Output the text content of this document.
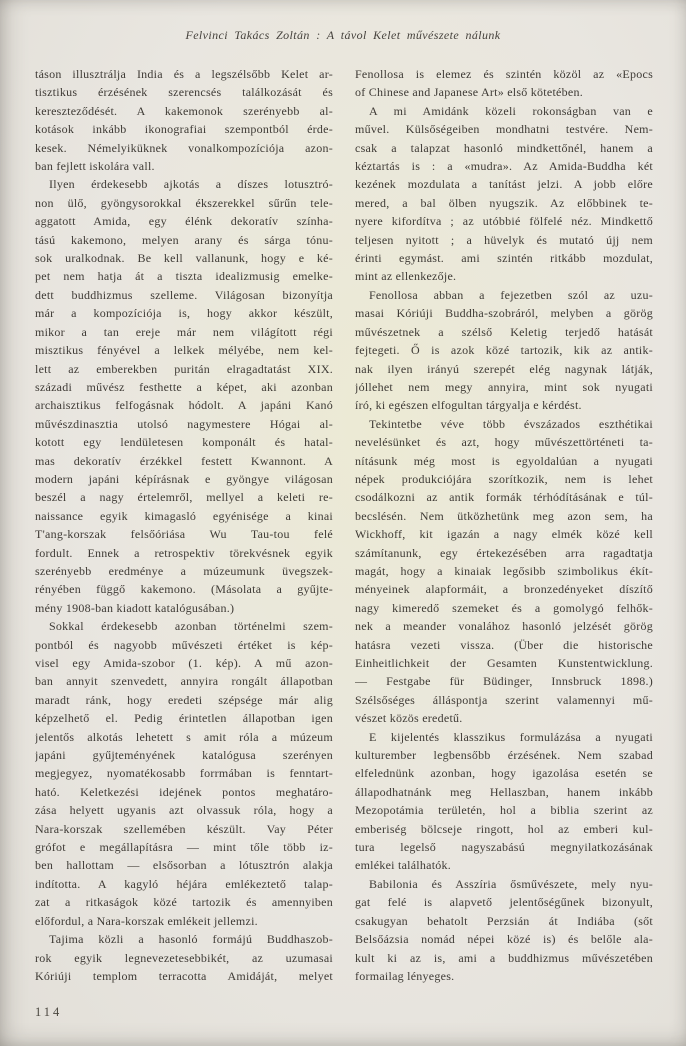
Felvinci Takács Zoltán : A távol Kelet művészete nálunk
táson illusztrálja India és a legszélsőbb Kelet ar-
tisztikus érzésének szerencsés találkozását és
kereszteződését. A kakemonok szerényebb al-
kotások inkább ikonografiai szempontból érde-
kesek. Némelyiküknek vonalkompozíciója azon-
ban fejlett iskolára vall.
Ilyen érdekesebb ajkotás a díszes lotusztró-
non ülő, gyöngysorokkal ékszerekkel sűrűn tele-
aggatott Amida, egy élénk dekoratív színha-
tású kakemono, melyen arany és sárga tónu-
sok uralkodnak. Be kell vallanunk, hogy e ké-
pet nem hatja át a tiszta idealizmusig emelke-
dett buddhizmus szelleme. Világosan bizonyítja
már a kompozíciója is, hogy akkor készült,
mikor a tan ereje már nem világított régi
misztikus fényével a lelkek mélyébe, nem kel-
lett az emberekben puritán elragadtatást XIX.
századi művész festhette a képet, aki azonban
archaisztikus felfogásnak hódolt. A japáni Kanó
művészdinasztia utolsó nagymestere Hógai al-
kotott egy lendületesen komponált és hatal-
mas dekoratív érzékkel festett Kwannont. A
modern japáni képírásnak e gyöngye világosan
beszél a nagy értelemről, mellyel a keleti re-
naissance egyik kimagasló egyénisége a kinai
T'ang-korszak felsőóriása Wu Tau-tou felé
fordult. Ennek a retrospektiv törekvésnek egyik
szerényebb eredménye a múzeumunk üvegszek-
rényében függő kakemono. (Másolata a gyűjte-
mény 1908-ban kiadott katalógusában.)
Sokkal érdekesebb azonban történelmi szem-
pontból és nagyobb művészeti értéket is kép-
visel egy Amida-szobor (1. kép). A mű azon-
ban annyit szenvedett, annyira rongált állapotban
maradt ránk, hogy eredeti szépsége már alig
képzelhető el. Pedig érintetlen állapotban igen
jelentős alkotás lehetett s amit róla a múzeum
japáni gyűjteményének katalógusa szerényen
megjegyez, nyomatékosabb forrmában is fenntart-
ható. Keletkezési idejének pontos meghatáro-
zása helyett ugyanis azt olvassuk róla, hogy a
Nara-korszak szellemében készült. Vay Péter
grófot e megállapításra — mint tőle több iz-
ben hallottam — elsősorban a lótusztrón alakja
indította. A kagyló héjára emlékeztető talap-
zat a ritkaságok közé tartozik és amennyiben
előfordul, a Nara-korszak emlékeit jellemzi.
Tajima közli a hasonló formájú Buddhaszob-
rok egyik legnevezetesebbikét, az uzumasai
Kóriúji templom terracotta Amidáját, melyet
Fenollosa is elemez és szintén közöl az «Epocs
of Chinese and Japanese Art» első kötetében.
A mi Amidánk közeli rokonságban van e
művel. Külsőségeiben mondhatni testvére. Nem-
csak a talapzat hasonló mindkettőnél, hanem a
kéztartás is : a «mudra». Az Amida-Buddha két
kezének mozdulata a tanítást jelzi. A jobb előre
mered, a bal ölben nyugszik. Az előbbinek te-
nyere kifordítva ; az utóbbié fölfelé néz. Mindkettő
teljesen nyitott ; a hüvelyk és mutató újj nem
érinti egymást. ami szintén ritkább mozdulat,
mint az ellenkezője.
Fenollosa abban a fejezetben szól az uzu-
masai Kóriúji Buddha-szobráról, melyben a görög
művészetnek a szélső Keletig terjedő hatását
fejtegeti. Ő is azok közé tartozik, kik az antik-
nak ilyen irányú szerepét elég nagynak látják,
jóllehet nem megy annyira, mint sok nyugati
író, ki egészen elfogultan tárgyalja e kérdést.
Tekintetbe véve több évszázados eszthétikai
nevelésünket és azt, hogy művészettörténeti ta-
nításunk még most is egyoldalúan a nyugati
népek produkciójára szorítkozik, nem is lehet
csodálkozni az antik formák térhódításának e túl-
becslésén. Nem ütközhetünk meg azon sem, ha
Wickhoff, kit igazán a nagy elmék közé kell
számítanunk, egy értekezésében arra ragadtatja
magát, hogy a kinaiak legősibb szimbolikus ékít-
ményeinek alapformáit, a bronzedényeket díszítő
nagy kimeredő szemeket és a gomolygó felhők-
nek a meander vonalához hasonló jelzését görög
hatásra vezeti vissza. (Über die historische
Einheitlichkeit der Gesamten Kunstentwicklung.
— Festgabe für Büdinger, Innsbruck 1898.)
Szélsőséges álláspontja szerint valamennyi mű-
vészet közös eredetű.
E kijelentés klasszikus formulázása a nyugati
kulturember legbensőbb érzésének. Nem szabad
elfelednünk azonban, hogy igazolása esetén se
állapodhatnánk meg Hellaszban, hanem inkább
Mezopotámia területén, hol a biblia szerint az
emberiség bölcseje ringott, hol az emberi kul-
tura legelső nagyszabású megnyilatkozásának
emlékei találhatók.
Babilonia és Asszíria ősművészete, mely nyu-
gat felé is alapvető jelentőségűnek bizonyult,
csakugyan behatolt Perzsián át Indiába (sőt
Belsőázsia nomád népei közé is) és belőle ala-
kult ki az is, ami a buddhizmus művészetében
formailag lényeges.
114
